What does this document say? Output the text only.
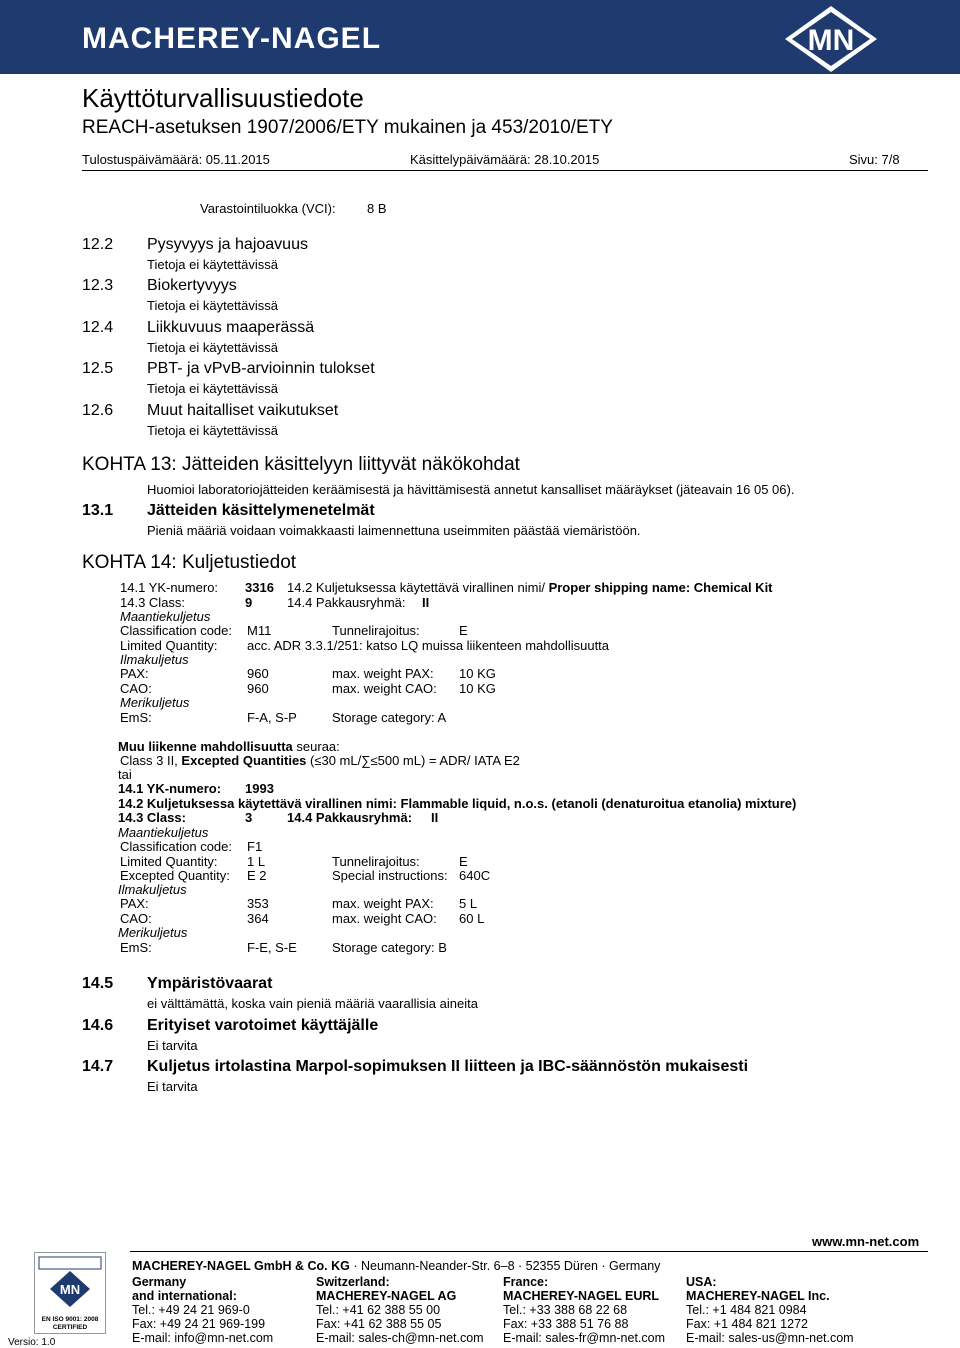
MACHEREY-NAGEL	MN
Käyttöturvallisuustiedote
REACH-asetuksen 1907/2006/ETY mukainen ja 453/2010/ETY
Tulostuspäivämäärä: 05.11.2015	Käsittelypäivämäärä: 28.10.2015	Sivu: 7/8
Varastointiluokka (VCI): 8 B
12.2 Pysyvyys ja hajoavuus
Tietoja ei käytettävissä
12.3 Biokertyvyys
Tietoja ei käytettävissä
12.4 Liikkuvuus maaperässä
Tietoja ei käytettävissä
12.5 PBT- ja vPvB-arvioinnin tulokset
Tietoja ei käytettävissä
12.6 Muut haitalliset vaikutukset
Tietoja ei käytettävissä
KOHTA 13: Jätteiden käsittelyyn liittyvät näkökohdat
Huomioi laboratoriojätteiden keräämisestä ja hävittämisestä annetut kansalliset määräykset (jäteavain 16 05 06).
13.1 Jätteiden käsittelymenetelmät
Pieniä määriä voidaan voimakkaasti laimennettuna useimmiten päästää viemäristöön.
KOHTA 14: Kuljetustiedot
14.1 YK-numero: 3316 14.2 Kuljetuksessa käytettävä virallinen nimi/ Proper shipping name: Chemical Kit
14.3 Class:	9	14.4 Pakkausryhmä: II
Maantiekuljetus
Classification code: M11	Tunnelirajoitus:	E
Limited Quantity: acc. ADR 3.3.1/251: katso LQ muissa liikenteen mahdollisuutta
Ilmakuljetus
PAX:	960	max. weight PAX: 10 KG
CAO:	960	max. weight CAO: 10 KG
Merikuljetus
EmS:	F-A, S-P	Storage category: A
Muu liikenne mahdollisuutta seuraa:
Class 3 II, Excepted Quantities (≤30 mL/∑≤500 mL) = ADR/ IATA E2
tai
14.1 YK-numero: 1993
14.2 Kuljetuksessa käytettävä virallinen nimi: Flammable liquid, n.o.s. (etanoli (denaturoitua etanolia) mixture)
14.3 Class:	3	14.4 Pakkausryhmä: II
Maantiekuljetus
Classification code: F1
Limited Quantity: 1 L	Tunnelirajoitus:	E
Excepted Quantity: E 2	Special instructions: 640C
Ilmakuljetus
PAX:	353	max. weight PAX: 5 L
CAO:	364	max. weight CAO: 60 L
Merikuljetus
EmS:	F-E, S-E	Storage category: B
14.5 Ympäristövaarat
ei välttämättä, koska vain pieniä määriä vaarallisia aineita
14.6 Erityiset varotoimet käyttäjälle
Ei tarvita
14.7 Kuljetus irtolastina Marpol-sopimuksen II liitteen ja IBC-säännöstön mukaisesti
Ei tarvita
www.mn-net.com
MN
EN ISO 9001: 2008
CERTIFIED
Versio: 1.0
MACHEREY-NAGEL GmbH & Co. KG · Neumann-Neander-Str. 6–8 · 52355 Düren · Germany
Germany
and international:
Tel.: +49 24 21 969-0
Fax: +49 24 21 969-199
E-mail: info@mn-net.com
Switzerland:
MACHEREY-NAGEL AG
Tel.: +41 62 388 55 00
Fax: +41 62 388 55 05
E-mail: sales-ch@mn-net.com
France:
MACHEREY-NAGEL EURL
Tel.: +33 388 68 22 68
Fax: +33 388 51 76 88
E-mail: sales-fr@mn-net.com
USA:
MACHEREY-NAGEL Inc.
Tel.: +1 484 821 0984
Fax: +1 484 821 1272
E-mail: sales-us@mn-net.com
